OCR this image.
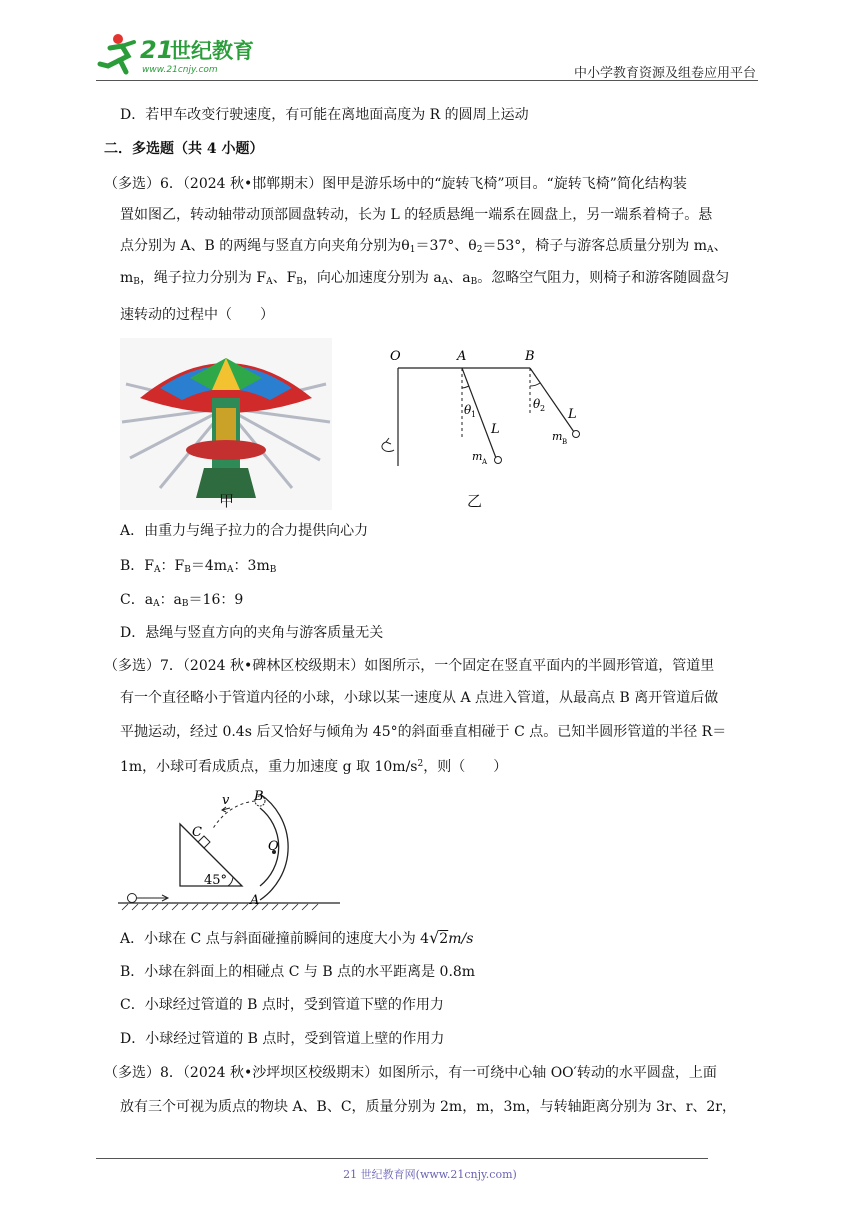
21
世纪教育
www.21cnjy.com	中小学教育资源及组卷应用平台
D．若甲车改变行驶速度，有可能在离地面高度为 R 的圆周上运动
二．多选题（共 4 小题）
（多选）6．（2024 秋•邯郸期末）图甲是游乐场中的“旋转飞椅”项目。“旋转飞椅”简化结构装
置如图乙，转动轴带动顶部圆盘转动，长为 L 的轻质悬绳一端系在圆盘上，另一端系着椅子。悬
点分别为 A、B 的两绳与竖直方向夹角分别为$\theta_1=37^\circ$、$\theta_2=53^\circ$，椅子与游客总质量分别为 $m_A$、
$m_B$，绳子拉力分别为 $F_A$、$F_B$，向心加速度分别为 $a_A$、$a_B$。忽略空气阻力，则椅子和游客随圆盘匀
速转动的过程中（　　）
甲
O	A	B
θ 1
θ 2
L
L
m A
m B
乙
A．由重力与绳子拉力的合力提供向心力
B．$F_A$：$F_B=4m_A$：$3m_B$
C．$a_A$：$a_B=16$：9
D．悬绳与竖直方向的夹角与游客质量无关
（多选）7．（2024 秋•碑林区校级期末）如图所示，一个固定在竖直平面内的半圆形管道，管道里
有一个直径略小于管道内径的小球，小球以某一速度从 A 点进入管道，从最高点 B 离开管道后做
平抛运动，经过 0.4s 后又恰好与倾角为 45°的斜面垂直相碰于 C 点。已知半圆形管道的半径 R＝
1m，小球可看成质点，重力加速度 g 取 $10m/s^2$，则（　　）
v B
C
O
45°
A
A．小球在 C 点与斜面碰撞前瞬间的速度大小为 4√2m/s
B．小球在斜面上的相碰点 C 与 B 点的水平距离是 0.8m
C．小球经过管道的 B 点时，受到管道下壁的作用力
D．小球经过管道的 B 点时，受到管道上壁的作用力
（多选）8．（2024 秋•沙坪坝区校级期末）如图所示，有一可绕中心轴 OO′转动的水平圆盘，上面
放有三个可视为质点的物块 A、B、C，质量分别为 2m，m，3m，与转轴距离分别为 3r、r、2r，
21 世纪教育网(www.21cnjy.com)
